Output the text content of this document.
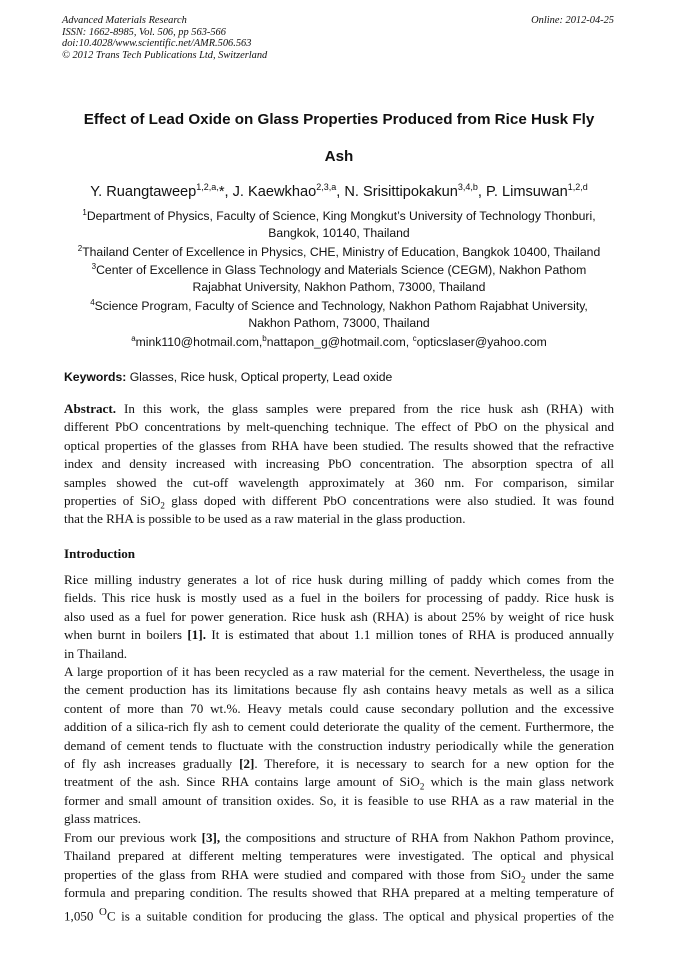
Advanced Materials Research
ISSN: 1662-8985, Vol. 506, pp 563-566
doi:10.4028/www.scientific.net/AMR.506.563
© 2012 Trans Tech Publications Ltd, Switzerland
Online: 2012-04-25
Effect of Lead Oxide on Glass Properties Produced from Rice Husk Fly
Ash
Y. Ruangtaweep$^{1,2,a,}$*, J. Kaewkhao$^{2,3,a}$, N. Srisittipokakun$^{3,4,b}$, P. Limsuwan$^{1,2,d}$
$^1$Department of Physics, Faculty of Science, King Mongkut’s University of Technology Thonburi,
Bangkok, 10140, Thailand
$^2$Thailand Center of Excellence in Physics, CHE, Ministry of Education, Bangkok 10400, Thailand
$^3$Center of Excellence in Glass Technology and Materials Science (CEGM), Nakhon Pathom
Rajabhat University, Nakhon Pathom, 73000, Thailand
$^4$Science Program, Faculty of Science and Technology, Nakhon Pathom Rajabhat University,
Nakhon Pathom, 73000, Thailand
$^a$mink110@hotmail.com,$^b$nattapon_g@hotmail.com, $^c$opticslaser@yahoo.com
Keywords: Glasses, Rice husk, Optical property, Lead oxide
Abstract. In this work, the glass samples were prepared from the rice husk ash (RHA) with
different PbO concentrations by melt-quenching technique. The effect of PbO on the physical and
optical properties of the glasses from RHA have been studied. The results showed that the refractive
index and density increased with increasing PbO concentration. The absorption spectra of all
samples showed the cut-off wavelength approximately at 360 nm. For comparison, similar
properties of SiO$_2$ glass doped with different PbO concentrations were also studied. It was found
that the RHA is possible to be used as a raw material in the glass production.
Introduction
Rice milling industry generates a lot of rice husk during milling of paddy which comes from the
fields. This rice husk is mostly used as a fuel in the boilers for processing of paddy. Rice husk is
also used as a fuel for power generation. Rice husk ash (RHA) is about 25% by weight of rice husk
when burnt in boilers [1]. It is estimated that about 1.1 million tones of RHA is produced annually
in Thailand.
A large proportion of it has been recycled as a raw material for the cement. Nevertheless, the usage in
the cement production has its limitations because fly ash contains heavy metals as well as a silica
content of more than 70 wt.%. Heavy metals could cause secondary pollution and the excessive
addition of a silica-rich fly ash to cement could deteriorate the quality of the cement. Furthermore, the
demand of cement tends to fluctuate with the construction industry periodically while the generation
of fly ash increases gradually [2]. Therefore, it is necessary to search for a new option for the
treatment of the ash. Since RHA contains large amount of SiO$_2$ which is the main glass network
former and small amount of transition oxides. So, it is feasible to use RHA as a raw material in the
glass matrices.
From our previous work [3], the compositions and structure of RHA from Nakhon Pathom province,
Thailand prepared at different melting temperatures were investigated. The optical and physical
properties of the glass from RHA were studied and compared with those from SiO$_2$ under the same
formula and preparing condition. The results showed that RHA prepared at a melting temperature of
1,050 $^O$C is a suitable condition for producing the glass. The optical and physical properties of the
